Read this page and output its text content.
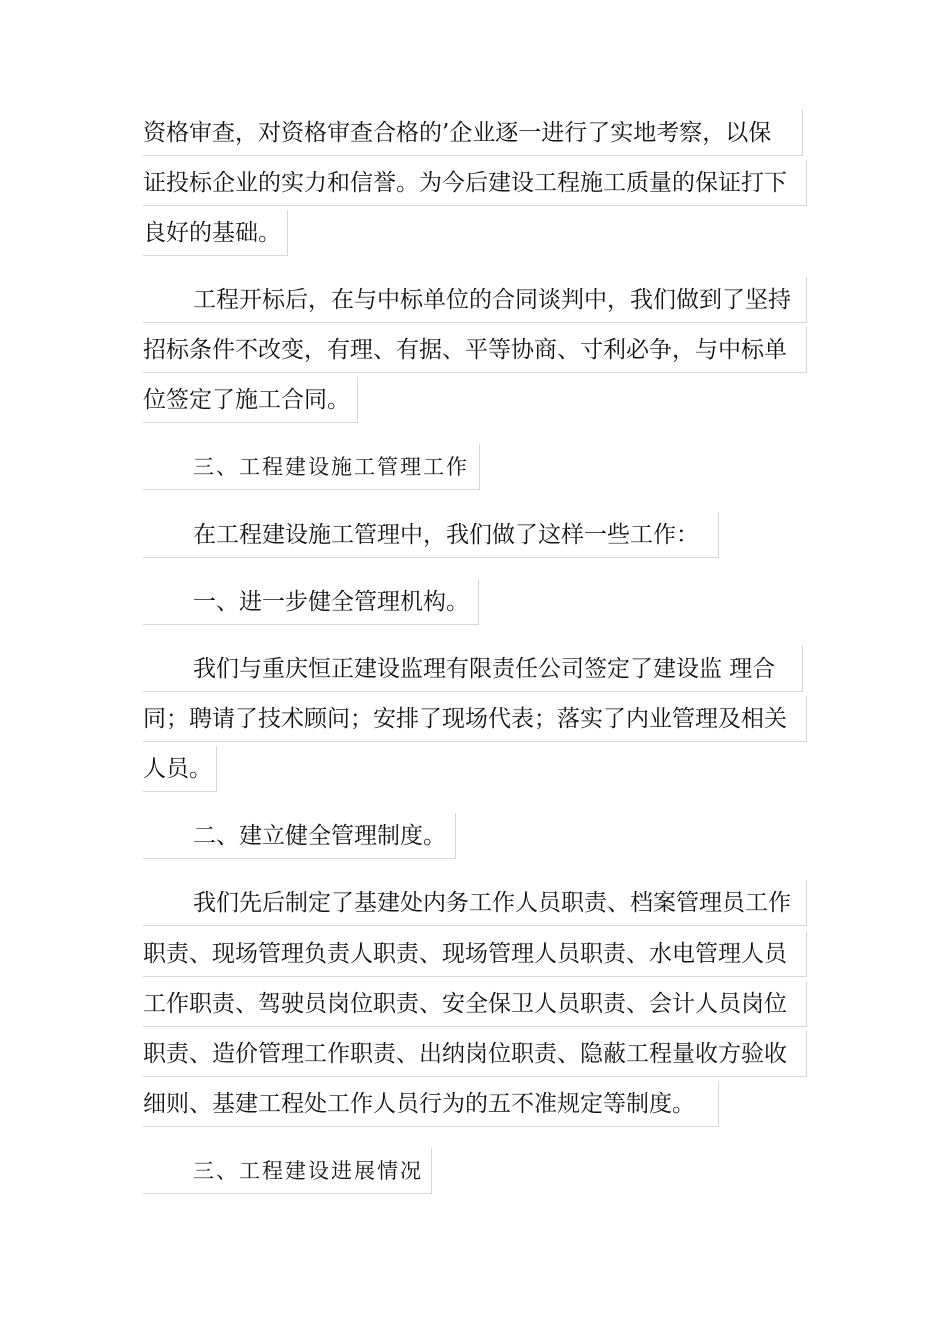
资格审查，对资格审查合格的’企业逐一进行了实地考察，以保
证投标企业的实力和信誉。为今后建设工程施工质量的保证打下
良好的基础。
工程开标后，在与中标单位的合同谈判中，我们做到了坚持
招标条件不改变，有理、有据、平等协商、寸利必争，与中标单
位签定了施工合同。
三、工程建设施工管理工作
在工程建设施工管理中，我们做了这样一些工作：
一、进一步健全管理机构。
我们与重庆恒正建设监理有限责任公司签定了建设监 理合
同；聘请了技术顾问；安排了现场代表；落实了内业管理及相关
人员。
二、建立健全管理制度。
我们先后制定了基建处内务工作人员职责、档案管理员工作
职责、现场管理负责人职责、现场管理人员职责、水电管理人员
工作职责、驾驶员岗位职责、安全保卫人员职责、会计人员岗位
职责、造价管理工作职责、出纳岗位职责、隐蔽工程量收方验收
细则、基建工程处工作人员行为的五不准规定等制度。
三、工程建设进展情况
